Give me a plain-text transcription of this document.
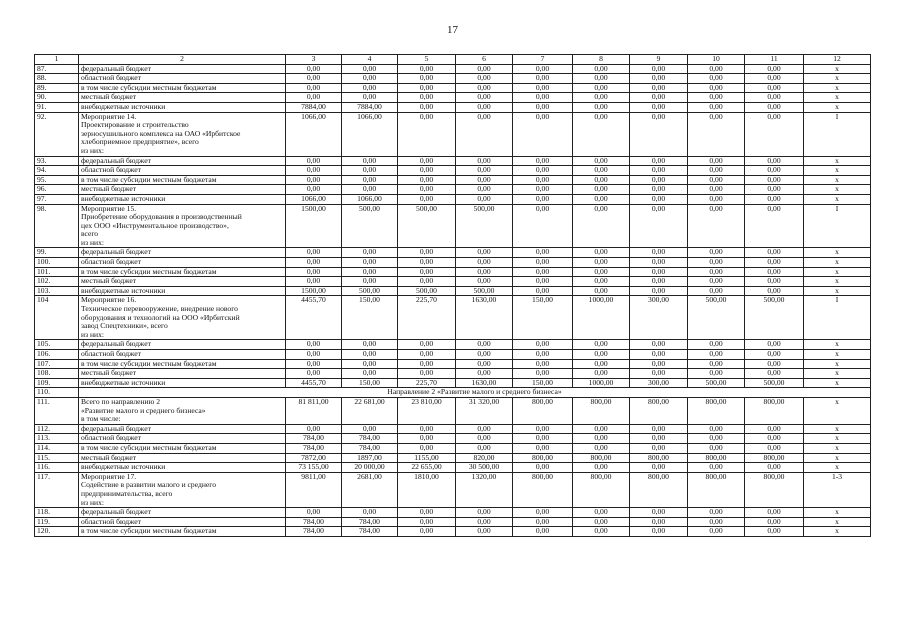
17
1	2	3	4	5	6	7	8	9	10	11	12
87.	федеральный бюджет	0,00	0,00	0,00	0,00	0,00	0,00	0,00	0,00	0,00	x
88.	областной бюджет	0,00	0,00	0,00	0,00	0,00	0,00	0,00	0,00	0,00	x
89.	в том числе субсидии местным бюджетам	0,00	0,00	0,00	0,00	0,00	0,00	0,00	0,00	0,00	x
90.	местный бюджет	0,00	0,00	0,00	0,00	0,00	0,00	0,00	0,00	0,00	x
91.	внебюджетные источники	7884,00	7884,00	0,00	0,00	0,00	0,00	0,00	0,00	0,00	x
92.	Мероприятие 14.
Проектирование и строительство
зерносушильного комплекса на ОАО «Ирбитское
хлебоприемное предприятие», всего
из них:	1066,00	1066,00	0,00	0,00	0,00	0,00	0,00	0,00	0,00	I
93.	федеральный бюджет	0,00	0,00	0,00	0,00	0,00	0,00	0,00	0,00	0,00	x
94.	областной бюджет	0,00	0,00	0,00	0,00	0,00	0,00	0,00	0,00	0,00	x
95.	в том числе субсидии местным бюджетам	0,00	0,00	0,00	0,00	0,00	0,00	0,00	0,00	0,00	x
96.	местный бюджет	0,00	0,00	0,00	0,00	0,00	0,00	0,00	0,00	0,00	x
97.	внебюджетные источники	1066,00	1066,00	0,00	0,00	0,00	0,00	0,00	0,00	0,00	x
98.	Мероприятие 15.
Приобретение оборудования в производственный
цех ООО «Инструментальное производство»,
всего
из них:	1500,00	500,00	500,00	500,00	0,00	0,00	0,00	0,00	0,00	I
99.	федеральный бюджет	0,00	0,00	0,00	0,00	0,00	0,00	0,00	0,00	0,00	x
100.	областной бюджет	0,00	0,00	0,00	0,00	0,00	0,00	0,00	0,00	0,00	x
101.	в том числе субсидии местным бюджетам	0,00	0,00	0,00	0,00	0,00	0,00	0,00	0,00	0,00	x
102.	местный бюджет	0,00	0,00	0,00	0,00	0,00	0,00	0,00	0,00	0,00	x
103.	внебюджетные источники	1500,00	500,00	500,00	500,00	0,00	0,00	0,00	0,00	0,00	x
104	Мероприятие 16.
Техническое перевооружение, внедрение нового
оборудования и технологий на ООО «Ирбитский
завод Спецтехники», всего
из них:	4455,70	150,00	225,70	1630,00	150,00	1000,00	300,00	500,00	500,00	I
105.	федеральный бюджет	0,00	0,00	0,00	0,00	0,00	0,00	0,00	0,00	0,00	x
106.	областной бюджет	0,00	0,00	0,00	0,00	0,00	0,00	0,00	0,00	0,00	x
107.	в том числе субсидии местным бюджетам	0,00	0,00	0,00	0,00	0,00	0,00	0,00	0,00	0,00	x
108.	местный бюджет	0,00	0,00	0,00	0,00	0,00	0,00	0,00	0,00	0,00	x
109.	внебюджетные источники	4455,70	150,00	225,70	1630,00	150,00	1000,00	300,00	500,00	500,00	x
110.	Направление 2 «Развитие малого и среднего бизнеса»										
111.	Всего по направлению 2
«Развитие малого и среднего бизнеса»
в том числе:	81 811,00	22 681,00	23 810,00	31 320,00	800,00	800,00	800,00	800,00	800,00	x
112.	федеральный бюджет	0,00	0,00	0,00	0,00	0,00	0,00	0,00	0,00	0,00	x
113.	областной бюджет	784,00	784,00	0,00	0,00	0,00	0,00	0,00	0,00	0,00	x
114.	в том числе субсидии местным бюджетам	784,00	784,00	0,00	0,00	0,00	0,00	0,00	0,00	0,00	x
115.	местный бюджет	7872,00	1897,00	1155,00	820,00	800,00	800,00	800,00	800,00	800,00	x
116.	внебюджетные источники	73 155,00	20 000,00	22 655,00	30 500,00	0,00	0,00	0,00	0,00	0,00	x
117.	Мероприятие 17.
Содействие в развитии малого и среднего
предпринимательства, всего
из них:	9811,00	2681,00	1810,00	1320,00	800,00	800,00	800,00	800,00	800,00	1-3
118.	федеральный бюджет	0,00	0,00	0,00	0,00	0,00	0,00	0,00	0,00	0,00	x
119.	областной бюджет	784,00	784,00	0,00	0,00	0,00	0,00	0,00	0,00	0,00	x
120.	в том числе субсидии местным бюджетам	784,00	784,00	0,00	0,00	0,00	0,00	0,00	0,00	0,00	x
